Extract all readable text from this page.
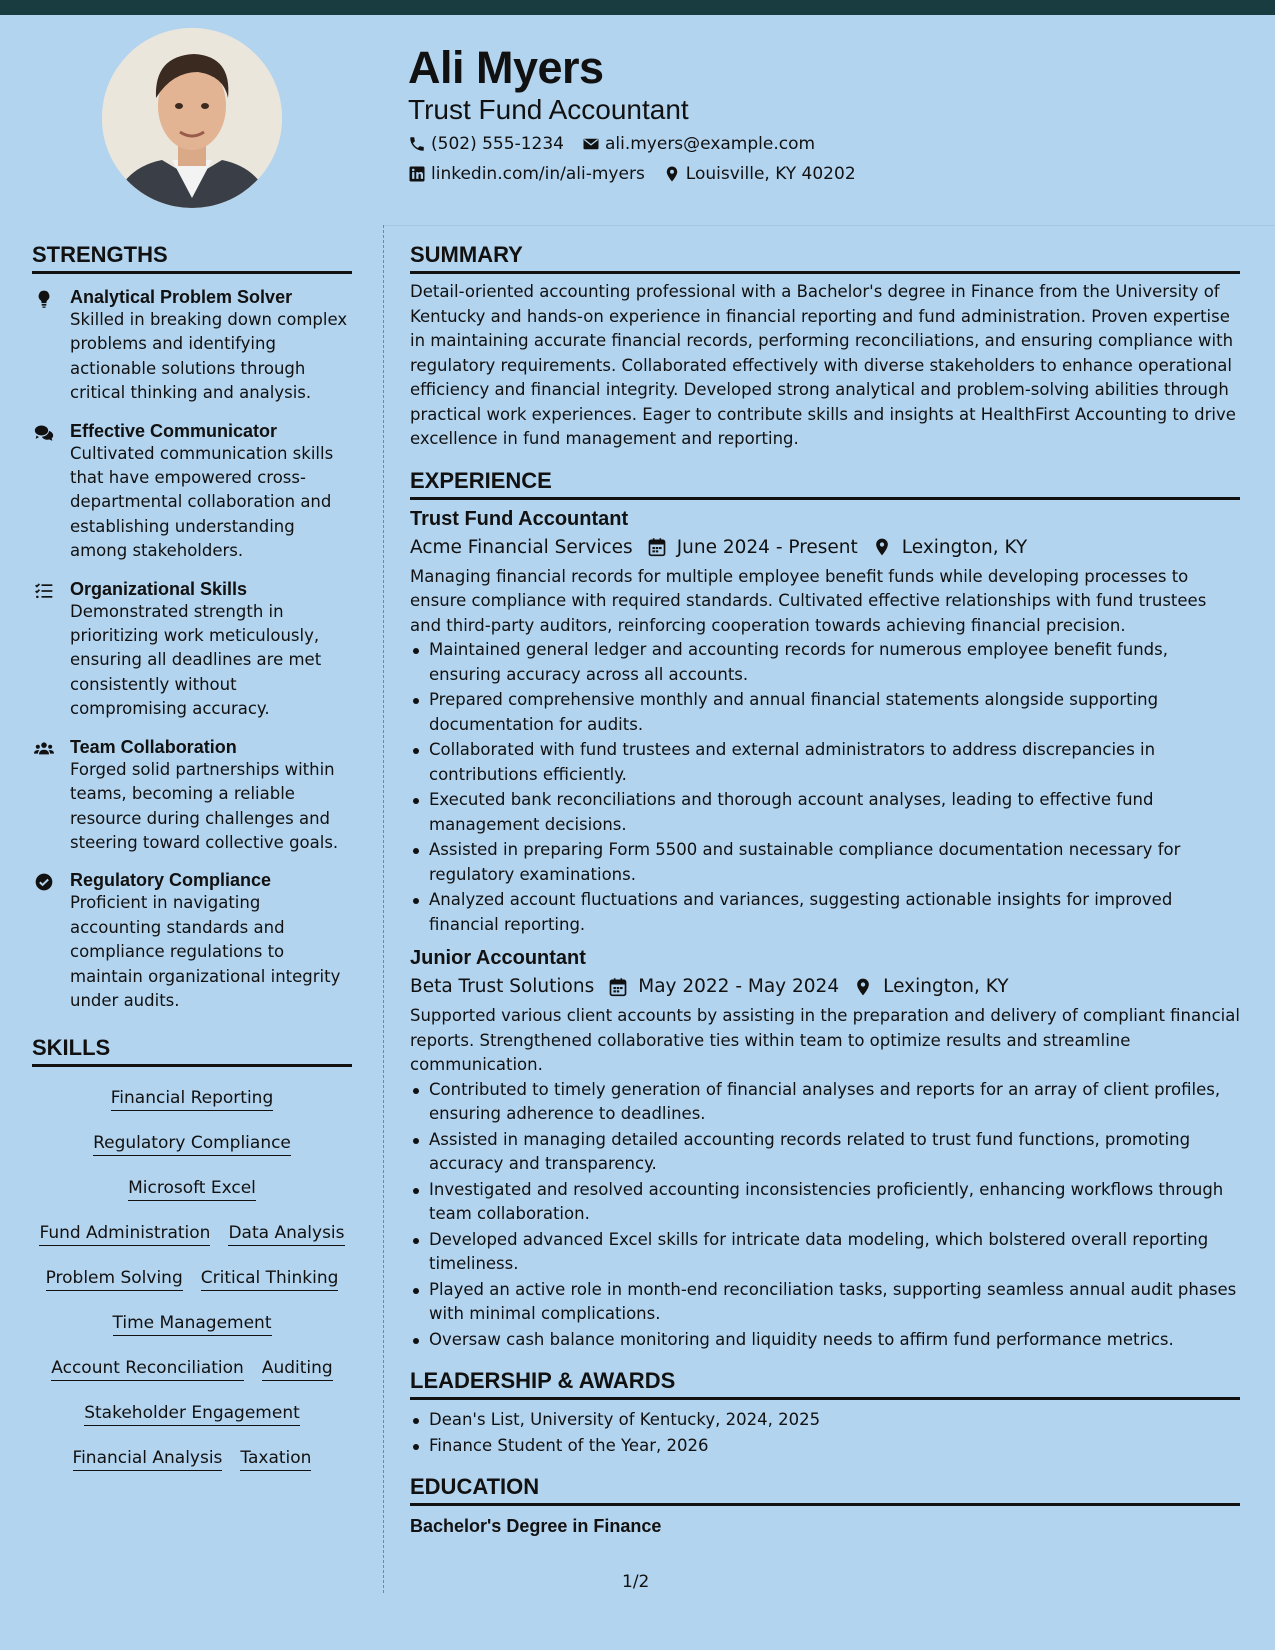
Ali Myers
Trust Fund Accountant
(502) 555-1234 ali.myers@example.com
linkedin.com/in/ali-myers Louisville, KY 40202
STRENGTHS
Analytical Problem Solver
Skilled in breaking down complex problems and identifying actionable solutions through critical thinking and analysis.
Effective Communicator
Cultivated communication skills that have empowered cross-departmental collaboration and establishing understanding among stakeholders.
Organizational Skills
Demonstrated strength in prioritizing work meticulously, ensuring all deadlines are met consistently without compromising accuracy.
Team Collaboration
Forged solid partnerships within teams, becoming a reliable resource during challenges and steering toward collective goals.
Regulatory Compliance
Proficient in navigating accounting standards and compliance regulations to maintain organizational integrity under audits.
SKILLS
Financial Reporting
Regulatory Compliance
Microsoft Excel
Fund Administration Data Analysis
Problem Solving Critical Thinking
Time Management
Account Reconciliation Auditing
Stakeholder Engagement
Financial Analysis Taxation
SUMMARY

Detail-oriented accounting professional with a Bachelor's degree in Finance from the University of Kentucky and hands-on experience in financial reporting and fund administration. Proven expertise in maintaining accurate financial records, performing reconciliations, and ensuring compliance with regulatory requirements. Collaborated effectively with diverse stakeholders to enhance operational efficiency and financial integrity. Developed strong analytical and problem-solving abilities through practical work experiences. Eager to contribute skills and insights at HealthFirst Accounting to drive excellence in fund management and reporting.

EXPERIENCE
Trust Fund Accountant
Acme Financial Services June 2024 - Present Lexington, KY

Managing financial records for multiple employee benefit funds while developing processes to ensure compliance with required standards. Cultivated effective relationships with fund trustees and third-party auditors, reinforcing cooperation towards achieving financial precision.

Maintained general ledger and accounting records for numerous employee benefit funds, ensuring accuracy across all accounts.
Prepared comprehensive monthly and annual financial statements alongside supporting documentation for audits.
Collaborated with fund trustees and external administrators to address discrepancies in contributions efficiently.
Executed bank reconciliations and thorough account analyses, leading to effective fund management decisions.
Assisted in preparing Form 5500 and sustainable compliance documentation necessary for regulatory examinations.
Analyzed account fluctuations and variances, suggesting actionable insights for improved financial reporting.
Junior Accountant
Beta Trust Solutions May 2022 - May 2024 Lexington, KY

Supported various client accounts by assisting in the preparation and delivery of compliant financial reports. Strengthened collaborative ties within team to optimize results and streamline communication.

Contributed to timely generation of financial analyses and reports for an array of client profiles, ensuring adherence to deadlines.
Assisted in managing detailed accounting records related to trust fund functions, promoting accuracy and transparency.
Investigated and resolved accounting inconsistencies proficiently, enhancing workflows through team collaboration.
Developed advanced Excel skills for intricate data modeling, which bolstered overall reporting timeliness.
Played an active role in month-end reconciliation tasks, supporting seamless annual audit phases with minimal complications.
Oversaw cash balance monitoring and liquidity needs to affirm fund performance metrics.
LEADERSHIP & AWARDS
Dean's List, University of Kentucky, 2024, 2025
Finance Student of the Year, 2026
EDUCATION
Bachelor's Degree in Finance
1/2
